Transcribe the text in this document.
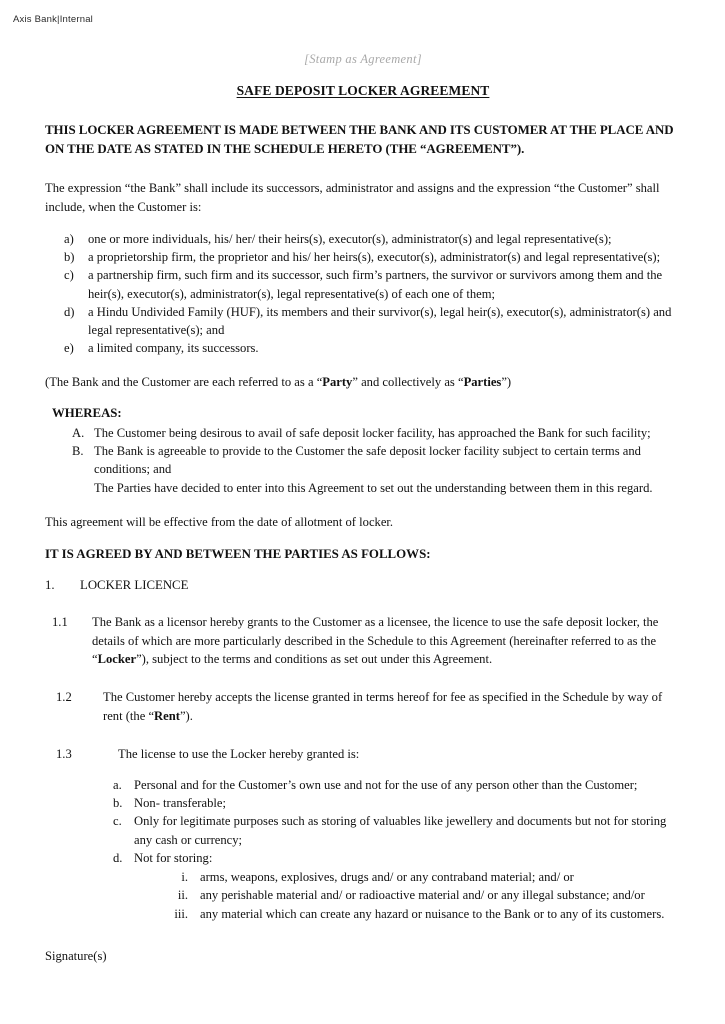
Axis Bank|Internal

[Stamp as Agreement]

SAFE DEPOSIT LOCKER AGREEMENT

THIS LOCKER AGREEMENT IS MADE BETWEEN THE BANK AND ITS CUSTOMER AT THE PLACE AND ON THE DATE AS STATED IN THE SCHEDULE HERETO (THE “AGREEMENT”).

The expression “the Bank” shall include its successors, administrator and assigns and the expression “the Customer” shall include, when the Customer is:

a)	one or more individuals, his/ her/ their heirs(s), executor(s), administrator(s) and legal representative(s);
b)	a proprietorship firm, the proprietor and his/ her heirs(s), executor(s), administrator(s) and legal representative(s);
c)	a partnership firm, such firm and its successor, such firm’s partners, the survivor or survivors among them and the heir(s), executor(s), administrator(s), legal representative(s) of each one of them;
d)	a Hindu Undivided Family (HUF), its members and their survivor(s), legal heir(s), executor(s), administrator(s) and legal representative(s); and
e)	a limited company, its successors.

(The Bank and the Customer are each referred to as a “Party” and collectively as “Parties”)

WHEREAS:
A. The Customer being desirous to avail of safe deposit locker facility, has approached the Bank for such facility;
B. The Bank is agreeable to provide to the Customer the safe deposit locker facility subject to certain terms and conditions; and
The Parties have decided to enter into this Agreement to set out the understanding between them in this regard.

This agreement will be effective from the date of allotment of locker.

IT IS AGREED BY AND BETWEEN THE PARTIES AS FOLLOWS:
1.	LOCKER LICENCE
1.1	The Bank as a licensor hereby grants to the Customer as a licensee, the licence to use the safe deposit locker, the details of which are more particularly described in the Schedule to this Agreement (hereinafter referred to as the “Locker”), subject to the terms and conditions as set out under this Agreement.
1.2	The Customer hereby accepts the license granted in terms hereof for fee as specified in the Schedule by way of rent (the “Rent”).
1.3	The license to use the Locker hereby granted is:
a. Personal and for the Customer’s own use and not for the use of any person other than the Customer;
b. Non- transferable;
c. Only for legitimate purposes such as storing of valuables like jewellery and documents but not for storing any cash or currency;
d. Not for storing:
i. arms, weapons, explosives, drugs and/ or any contraband material; and/ or
ii. any perishable material and/ or radioactive material and/ or any illegal substance; and/or
iii. any material which can create any hazard or nuisance to the Bank or to any of its customers.
Signature(s)
